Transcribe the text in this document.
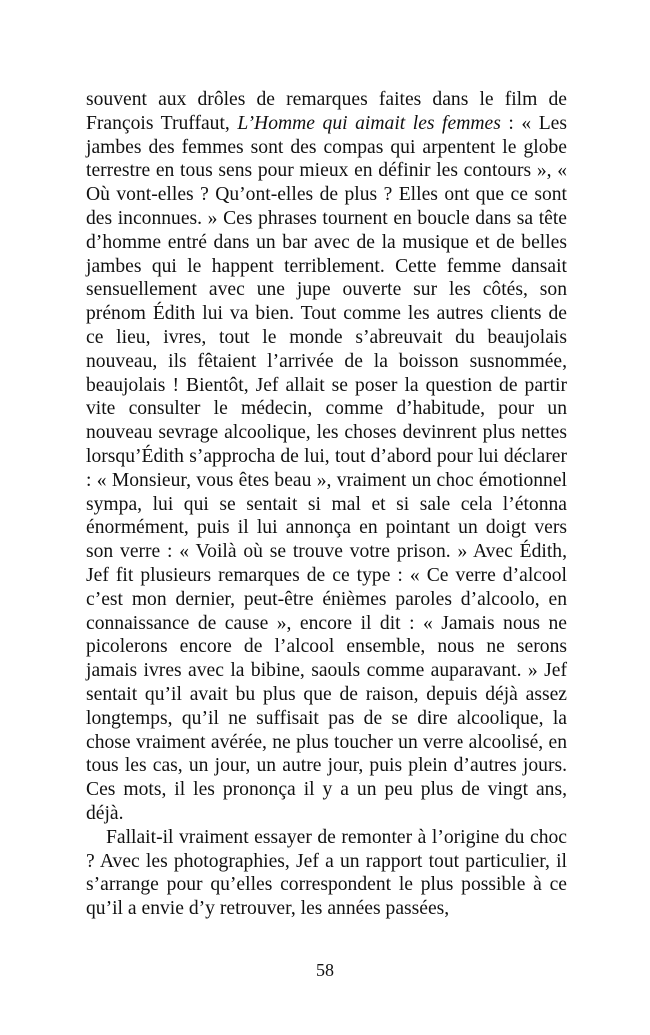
souvent aux drôles de remarques faites dans le film de François Truffaut, L’Homme qui aimait les femmes : « Les jambes des femmes sont des compas qui arpentent le globe terrestre en tous sens pour mieux en définir les contours », « Où vont-elles ? Qu’ont-elles de plus ? Elles ont que ce sont des inconnues. » Ces phrases tournent en boucle dans sa tête d’homme entré dans un bar avec de la musique et de belles jambes qui le happent terriblement. Cette femme dansait sensuellement avec une jupe ouverte sur les côtés, son prénom Édith lui va bien. Tout comme les autres clients de ce lieu, ivres, tout le monde s’abreuvait du beaujolais nouveau, ils fêtaient l’arrivée de la boisson susnommée, beaujolais ! Bientôt, Jef allait se poser la question de partir vite consulter le médecin, comme d’habitude, pour un nouveau sevrage alcoolique, les choses devinrent plus nettes lorsqu’Édith s’approcha de lui, tout d’abord pour lui déclarer : « Monsieur, vous êtes beau », vraiment un choc émotionnel sympa, lui qui se sentait si mal et si sale cela l’étonna énormément, puis il lui annonça en pointant un doigt vers son verre : « Voilà où se trouve votre prison. » Avec Édith, Jef fit plusieurs remarques de ce type : « Ce verre d’alcool c’est mon dernier, peut-être énièmes paroles d’alcoolo, en connaissance de cause », encore il dit : « Jamais nous ne picolerons encore de l’alcool ensemble, nous ne serons jamais ivres avec la bibine, saouls comme auparavant. » Jef sentait qu’il avait bu plus que de raison, depuis déjà assez longtemps, qu’il ne suffisait pas de se dire alcoolique, la chose vraiment avérée, ne plus toucher un verre alcoolisé, en tous les cas, un jour, un autre jour, puis plein d’autres jours. Ces mots, il les prononça il y a un peu plus de vingt ans, déjà.

Fallait-il vraiment essayer de remonter à l’origine du choc ? Avec les photographies, Jef a un rapport tout particulier, il s’arrange pour qu’elles correspondent le plus possible à ce qu’il a envie d’y retrouver, les années passées,

58
